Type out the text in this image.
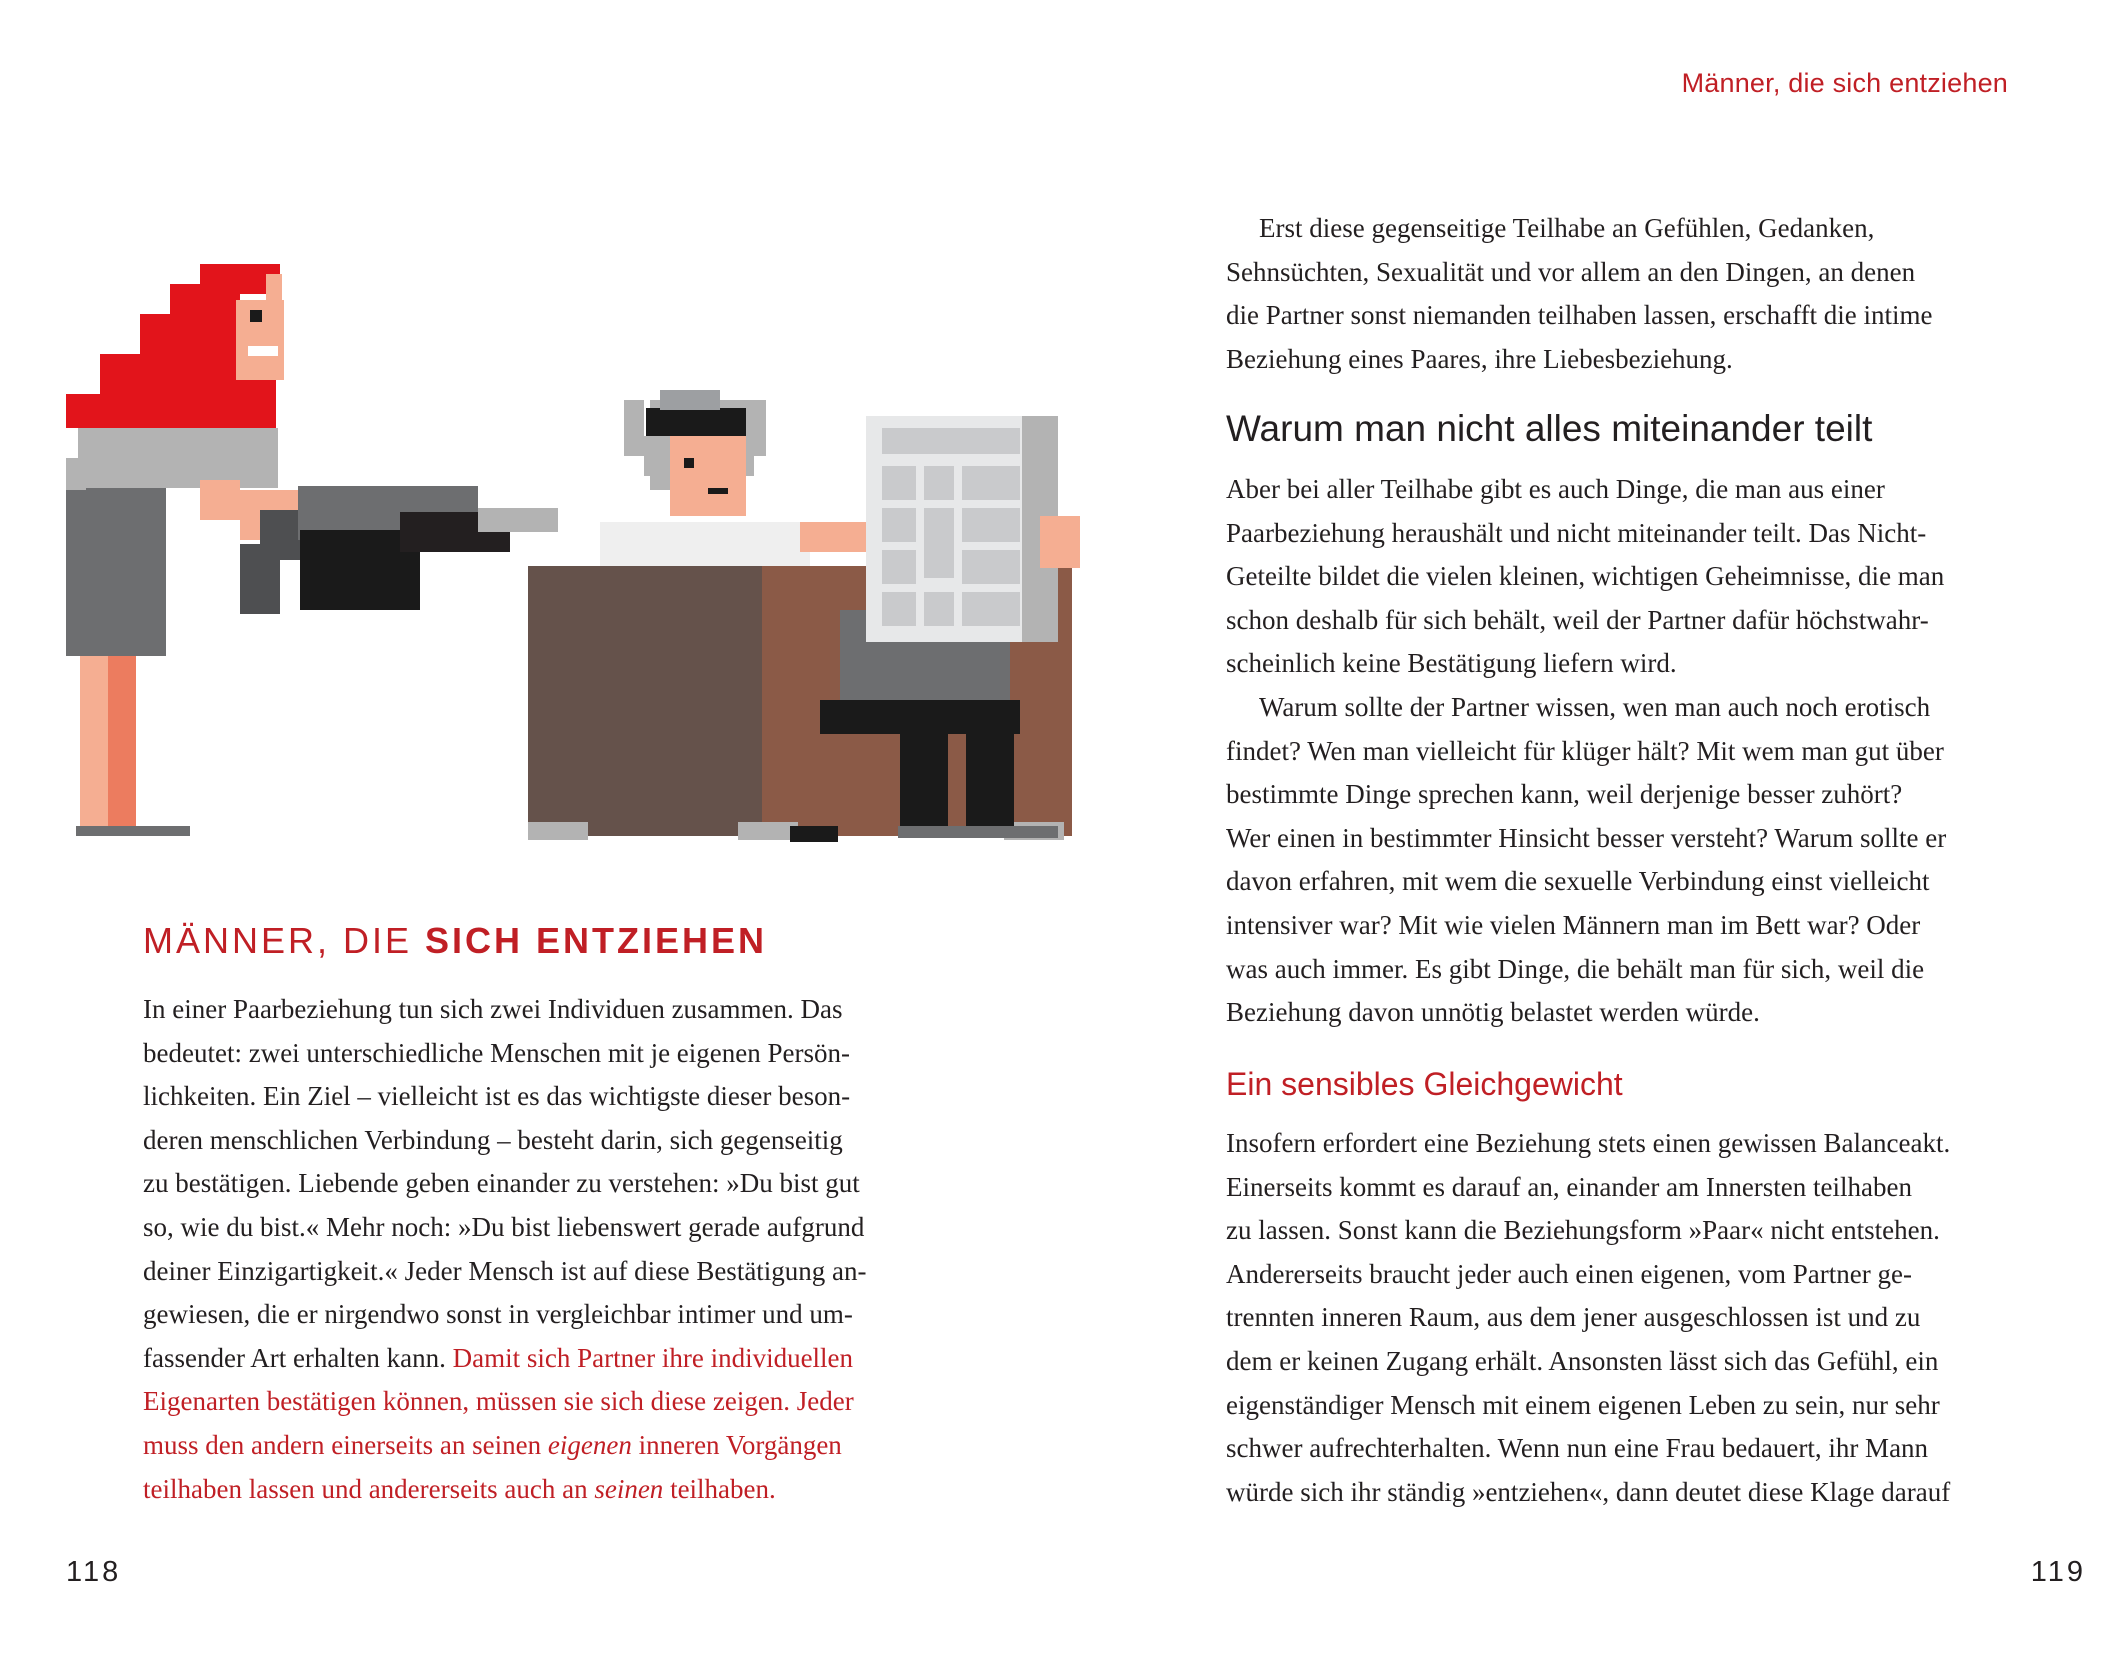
MÄNNER, DIE SICH ENTZIEHEN

In einer Paarbeziehung tun sich zwei Individuen zusammen. Das
bedeutet: zwei unterschiedliche Menschen mit je eigenen Persön-
lichkeiten. Ein Ziel – vielleicht ist es das wichtigste dieser beson-
deren menschlichen Verbindung – besteht darin, sich gegenseitig
zu bestätigen. Liebende geben einander zu verstehen: »Du bist gut
so, wie du bist.« Mehr noch: »Du bist liebenswert gerade aufgrund
deiner Einzigartigkeit.« Jeder Mensch ist auf diese Bestätigung an-
gewiesen, die er nirgendwo sonst in vergleichbar intimer und um-
fassender Art erhalten kann. Damit sich Partner ihre individuellen
Eigenarten bestätigen können, müssen sie sich diese zeigen. Jeder
muss den andern einerseits an seinen eigenen inneren Vorgängen
teilhaben lassen und andererseits auch an seinen teilhaben.

118
Männer, die sich entziehen

Erst diese gegenseitige Teilhabe an Gefühlen, Gedanken,
Sehnsüchten, Sexualität und vor allem an den Dingen, an denen
die Partner sonst niemanden teilhaben lassen, erschafft die intime
Beziehung eines Paares, ihre Liebesbeziehung.

Warum man nicht alles miteinander teilt

Aber bei aller Teilhabe gibt es auch Dinge, die man aus einer
Paarbeziehung heraushält und nicht miteinander teilt. Das Nicht-
Geteilte bildet die vielen kleinen, wichtigen Geheimnisse, die man
schon deshalb für sich behält, weil der Partner dafür höchstwahr-
scheinlich keine Bestätigung liefern wird.
Warum sollte der Partner wissen, wen man auch noch erotisch
findet? Wen man vielleicht für klüger hält? Mit wem man gut über
bestimmte Dinge sprechen kann, weil derjenige besser zuhört?
Wer einen in bestimmter Hinsicht besser versteht? Warum sollte er
davon erfahren, mit wem die sexuelle Verbindung einst vielleicht
intensiver war? Mit wie vielen Männern man im Bett war? Oder
was auch immer. Es gibt Dinge, die behält man für sich, weil die
Beziehung davon unnötig belastet werden würde.

Ein sensibles Gleichgewicht

Insofern erfordert eine Beziehung stets einen gewissen Balanceakt.
Einerseits kommt es darauf an, einander am Innersten teilhaben
zu lassen. Sonst kann die Beziehungsform »Paar« nicht entstehen.
Andererseits braucht jeder auch einen eigenen, vom Partner ge-
trennten inneren Raum, aus dem jener ausgeschlossen ist und zu
dem er keinen Zugang erhält. Ansonsten lässt sich das Gefühl, ein
eigenständiger Mensch mit einem eigenen Leben zu sein, nur sehr
schwer aufrechterhalten. Wenn nun eine Frau bedauert, ihr Mann
würde sich ihr ständig »entziehen«, dann deutet diese Klage darauf

119
